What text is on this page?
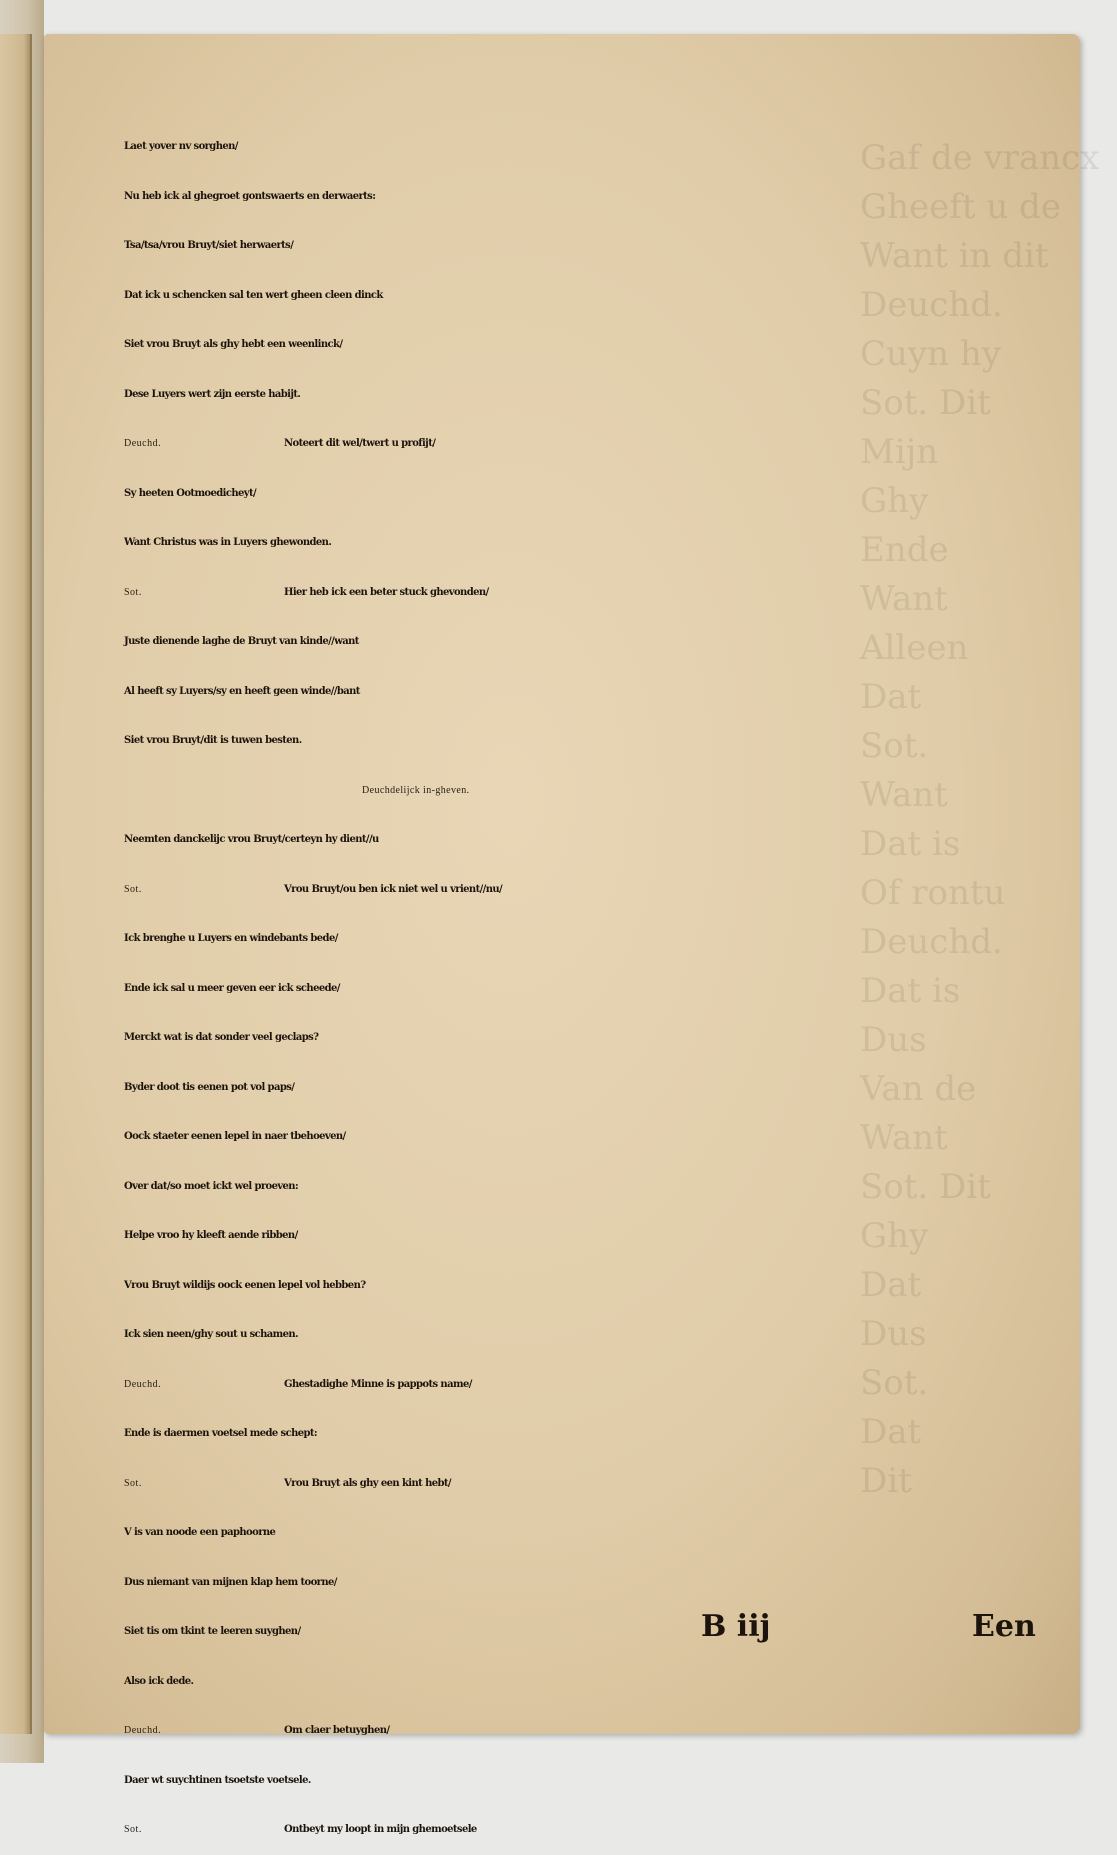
Gaf de vrancx
Gheeft u de
Want in dit
Deuchd.
Cuyn hy
Sot. Dit
Mijn
Ghy
Ende
Want
Alleen
Dat
Sot.
Want
Dat is
Of rontu
Deuchd.
Dat is
Dus
Van de
Want
Sot. Dit
Ghy
Dat
Dus
Sot.
Dat
Dit
Laet yover nv sorghen/
Nu heb ick al ghegroet gontswaerts en derwaerts:
Tsa/tsa/vrou Bruyt/siet herwaerts/
Dat ick u schencken sal ten wert gheen cleen dinck
Siet vrou Bruyt als ghy hebt een weenlinck/
Dese Luyers wert zijn eerste habijt.
Deuchd.	Noteert dit wel/twert u profijt/
Sy heeten Ootmoedicheyt/
Want Christus was in Luyers ghewonden.
Sot.	Hier heb ick een beter stuck ghevonden/
Juste dienende laghe de Bruyt van kinde//want
Al heeft sy Luyers/sy en heeft geen winde//bant
Siet vrou Bruyt/dit is tuwen besten.
Deuchdelijck in-gheven.
Neemten danckelijc vrou Bruyt/certeyn hy dient//u
Sot.	Vrou Bruyt/ou ben ick niet wel u vrient//nu/
Ick brenghe u Luyers en windebants bede/
Ende ick sal u meer geven eer ick scheede/
Merckt wat is dat sonder veel geclaps?
Byder doot tis eenen pot vol paps/
Oock staeter eenen lepel in naer tbehoeven/
Over dat/so moet ickt wel proeven:
Helpe vroo hy kleeft aende ribben/
Vrou Bruyt wildijs oock eenen lepel vol hebben?
Ick sien neen/ghy sout u schamen.
Deuchd.	Ghestadighe Minne is pappots name/
Ende is daermen voetsel mede schept:
Sot.	Vrou Bruyt als ghy een kint hebt/
V is van noode een paphoorne
Dus niemant van mijnen klap hem toorne/
Siet tis om tkint te leeren suyghen/
Also ick dede.
Deuchd.	Om claer betuyghen/
Daer wt suychtinen tsoetste voetsele.
Sot.	Ontbeyt my loopt in mijn ghemoetsele
B iij	Een
